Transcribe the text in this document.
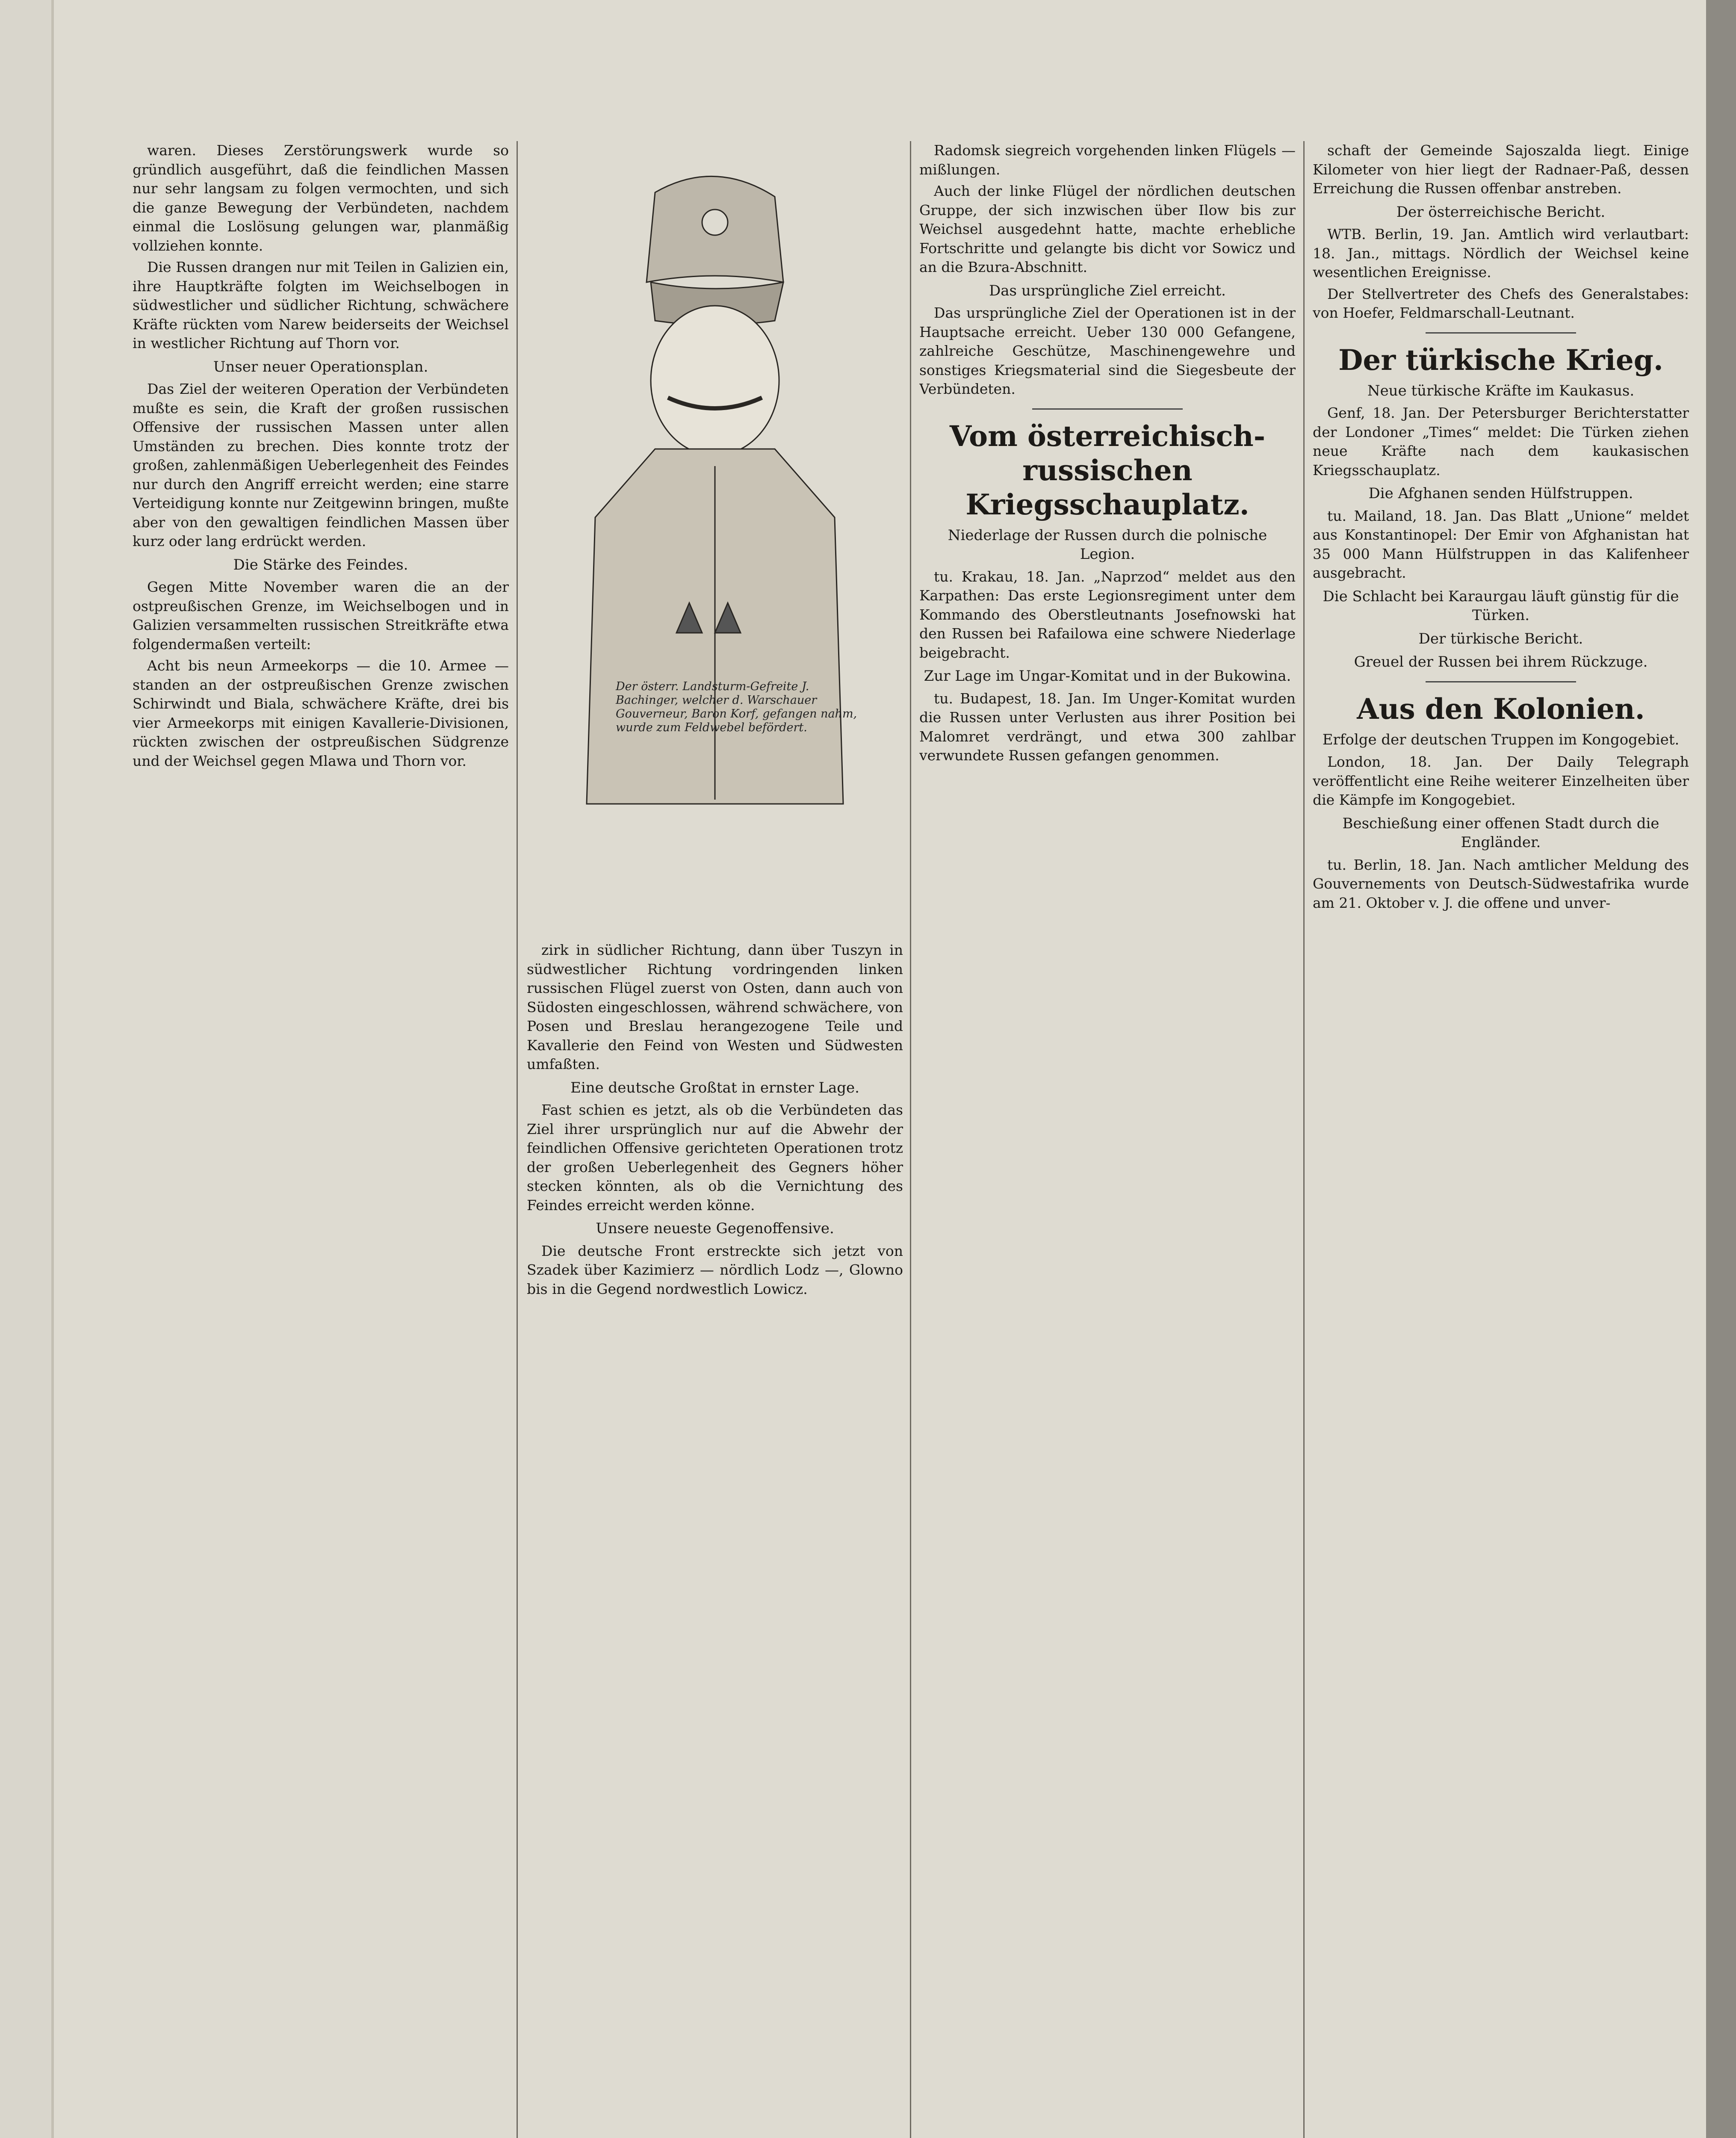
waren. Dieses Zerstörungswerk wurde so gründlich ausgeführt, daß die feindlichen Massen nur sehr langsam zu folgen vermochten, und sich die ganze Bewegung der Verbündeten, nachdem einmal die Loslösung gelungen war, planmäßig vollziehen konnte.

Die Russen drangen nur mit Teilen in Galizien ein, ihre Hauptkräfte folgten im Weichselbogen in südwestlicher und südlicher Richtung, schwächere Kräfte rückten vom Narew beiderseits der Weichsel in westlicher Richtung auf Thorn vor.

Unser neuer Operationsplan.

Das Ziel der weiteren Operation der Verbündeten mußte es sein, die Kraft der großen russischen Offensive der russischen Massen unter allen Umständen zu brechen. Dies konnte trotz der großen, zahlenmäßigen Ueberlegenheit des Feindes nur durch den Angriff erreicht werden; eine starre Verteidigung konnte nur Zeitgewinn bringen, mußte aber von den gewaltigen feindlichen Massen über kurz oder lang erdrückt werden.

Die Stärke des Feindes.

Gegen Mitte November waren die an der ostpreußischen Grenze, im Weichselbogen und in Galizien versammelten russischen Streitkräfte etwa folgendermaßen verteilt:

Acht bis neun Armeekorps — die 10. Armee — standen an der ostpreußischen Grenze zwischen Schirwindt und Biala, schwächere Kräfte, drei bis vier Armeekorps mit einigen Kavallerie-Divisionen, rückten zwischen der ostpreußischen Südgrenze und der Weichsel gegen Mlawa und Thorn vor.

Der österr. Landsturm-Gefreite J. Bachinger, welcher d. Warschauer Gouverneur, Baron Korf, gefangen nahm, wurde zum Feldwebel befördert.

zirk in südlicher Richtung, dann über Tuszyn in südwestlicher Richtung vordringenden linken russischen Flügel zuerst von Osten, dann auch von Südosten eingeschlossen, während schwächere, von Posen und Breslau herangezogene Teile und Kavallerie den Feind von Westen und Südwesten umfaßten.

Eine deutsche Großtat in ernster Lage.

Fast schien es jetzt, als ob die Verbündeten das Ziel ihrer ursprünglich nur auf die Abwehr der feindlichen Offensive gerichteten Operationen trotz der großen Ueberlegenheit des Gegners höher stecken könnten, als ob die Vernichtung des Feindes erreicht werden könne.

Unsere neueste Gegenoffensive.

Die deutsche Front erstreckte sich jetzt von Szadek über Kazimierz — nördlich Lodz —, Glowno bis in die Gegend nordwestlich Lowicz.

Radomsk siegreich vorgehenden linken Flügels — mißlungen.

Auch der linke Flügel der nördlichen deutschen Gruppe, der sich inzwischen über Ilow bis zur Weichsel ausgedehnt hatte, machte erhebliche Fortschritte und gelangte bis dicht vor Sowicz und an die Bzura-Abschnitt.

Das ursprüngliche Ziel erreicht.

Das ursprüngliche Ziel der Operationen ist in der Hauptsache erreicht. Ueber 130 000 Gefangene, zahlreiche Geschütze, Maschinengewehre und sonstiges Kriegsmaterial sind die Siegesbeute der Verbündeten.

Vom österreichisch-russischen Kriegsschauplatz.

Niederlage der Russen durch die polnische Legion.

tu. Krakau, 18. Jan. „Naprzod“ meldet aus den Karpathen: Das erste Legionsregiment unter dem Kommando des Oberstleutnants Josefnowski hat den Russen bei Rafailowa eine schwere Niederlage beigebracht.

Zur Lage im Ungar-Komitat und in der Bukowina.

tu. Budapest, 18. Jan. Im Unger-Komitat wurden die Russen unter Verlusten aus ihrer Position bei Malomret verdrängt, und etwa 300 zahlbar verwundete Russen gefangen genommen.

schaft der Gemeinde Sajoszalda liegt. Einige Kilometer von hier liegt der Radnaer-Paß, dessen Erreichung die Russen offenbar anstreben.

Der österreichische Bericht.

WTB. Berlin, 19. Jan. Amtlich wird verlautbart: 18. Jan., mittags. Nördlich der Weichsel keine wesentlichen Ereignisse.

Der Stellvertreter des Chefs des Generalstabes: von Hoefer, Feldmarschall-Leutnant.

Der türkische Krieg.

Neue türkische Kräfte im Kaukasus.

Genf, 18. Jan. Der Petersburger Berichterstatter der Londoner „Times“ meldet: Die Türken ziehen neue Kräfte nach dem kaukasischen Kriegsschauplatz.

Die Afghanen senden Hülfstruppen.

tu. Mailand, 18. Jan. Das Blatt „Unione“ meldet aus Konstantinopel: Der Emir von Afghanistan hat 35 000 Mann Hülfstruppen in das Kalifenheer ausgebracht.

Die Schlacht bei Karaurgau läuft günstig für die Türken.
Der türkische Bericht.
Greuel der Russen bei ihrem Rückzuge.

Aus den Kolonien.

Erfolge der deutschen Truppen im Kongogebiet.

London, 18. Jan. Der Daily Telegraph veröffentlicht eine Reihe weiterer Einzelheiten über die Kämpfe im Kongogebiet.

Beschießung einer offenen Stadt durch die Engländer.

tu. Berlin, 18. Jan. Nach amtlicher Meldung des Gouvernements von Deutsch-Südwestafrika wurde am 21. Oktober v. J. die offene und unver-
